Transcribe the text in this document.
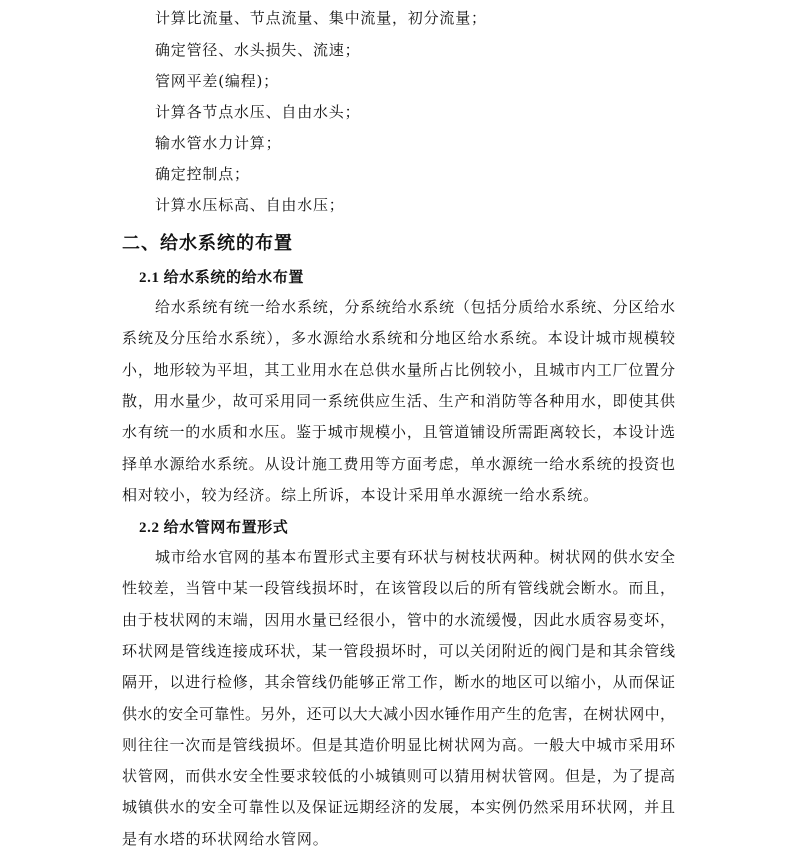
计算比流量、节点流量、集中流量，初分流量；
确定管径、水头损失、流速；
管网平差(编程)；
计算各节点水压、自由水头；
输水管水力计算；
确定控制点；
计算水压标高、自由水压；
二、给水系统的布置
2.1 给水系统的给水布置
给水系统有统一给水系统，分系统给水系统（包括分质给水系统、分区给水
系统及分压给水系统），多水源给水系统和分地区给水系统。本设计城市规模较
小，地形较为平坦，其工业用水在总供水量所占比例较小，且城市内工厂位置分
散，用水量少，故可采用同一系统供应生活、生产和消防等各种用水，即使其供
水有统一的水质和水压。鉴于城市规模小，且管道铺设所需距离较长，本设计选
择单水源给水系统。从设计施工费用等方面考虑，单水源统一给水系统的投资也
相对较小，较为经济。综上所诉，本设计采用单水源统一给水系统。
2.2 给水管网布置形式
城市给水官网的基本布置形式主要有环状与树枝状两种。树状网的供水安全
性较差，当管中某一段管线损坏时，在该管段以后的所有管线就会断水。而且，
由于枝状网的末端，因用水量已经很小，管中的水流缓慢，因此水质容易变坏，
环状网是管线连接成环状，某一管段损坏时，可以关闭附近的阀门是和其余管线
隔开，以进行检修，其余管线仍能够正常工作，断水的地区可以缩小，从而保证
供水的安全可靠性。另外，还可以大大减小因水锤作用产生的危害，在树状网中，
则往往一次而是管线损坏。但是其造价明显比树状网为高。一般大中城市采用环
状管网，而供水安全性要求较低的小城镇则可以猜用树状管网。但是，为了提高
城镇供水的安全可靠性以及保证远期经济的发展，本实例仍然采用环状网，并且
是有水塔的环状网给水管网。
